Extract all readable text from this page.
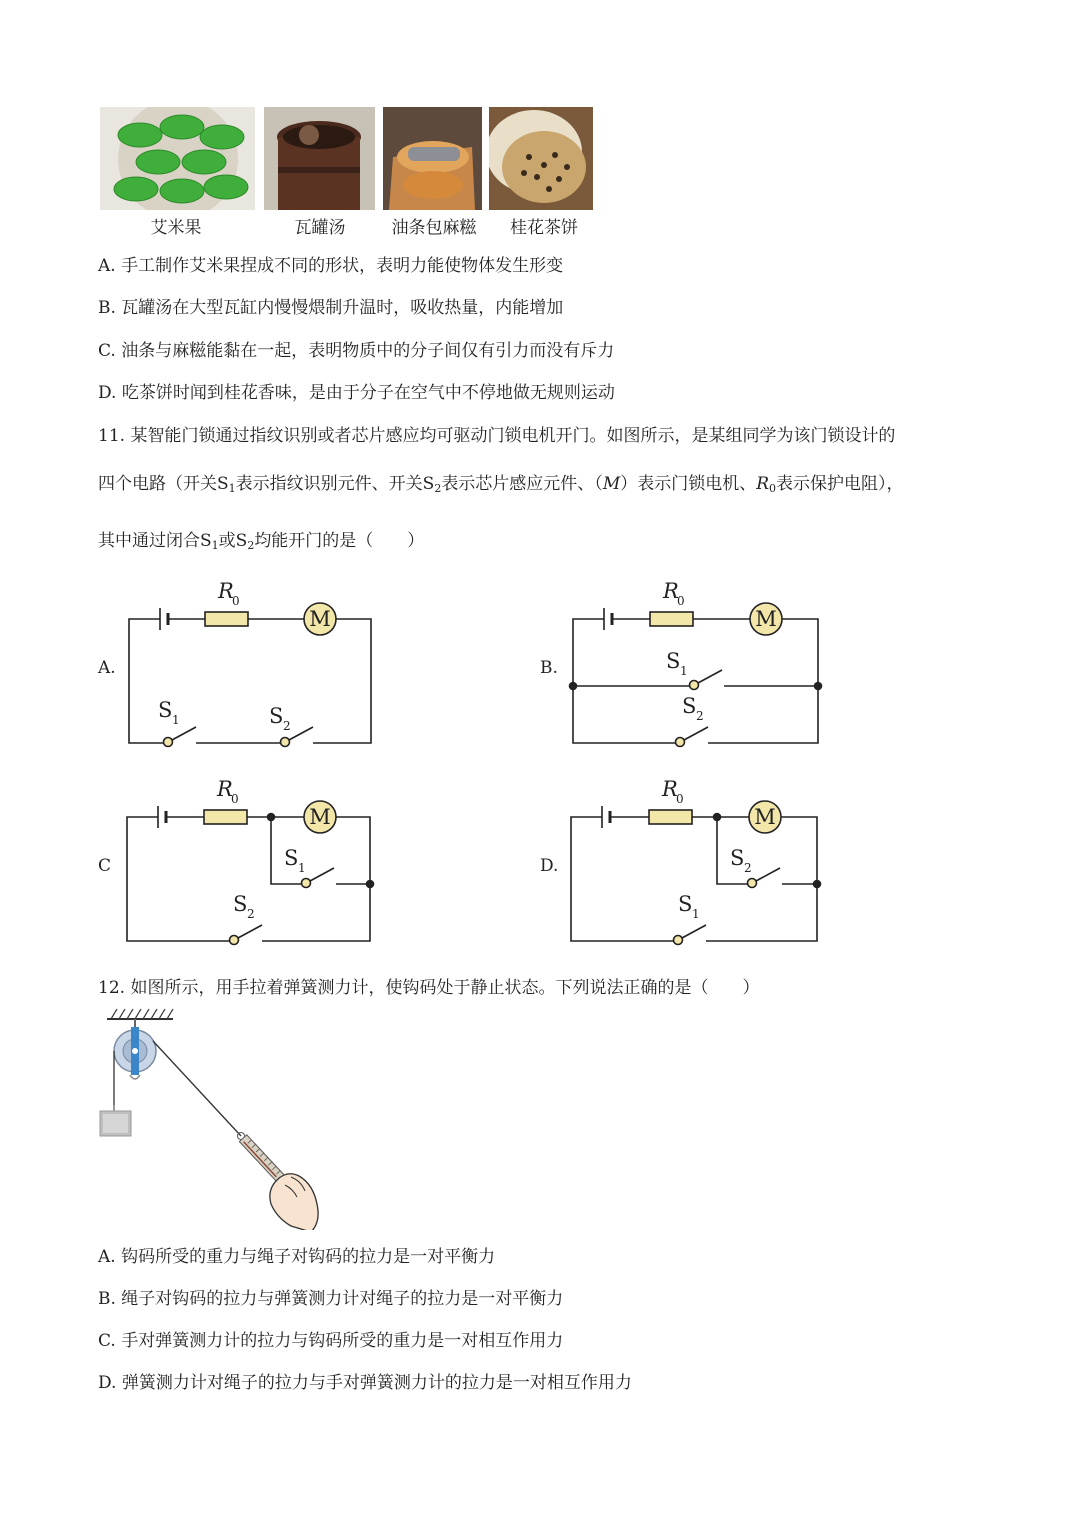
艾米果	瓦罐汤	油条包麻糍	桂花茶饼
A. 手工制作艾米果捏成不同的形状，表明力能使物体发生形变
B. 瓦罐汤在大型瓦缸内慢慢煨制升温时，吸收热量，内能增加
C. 油条与麻糍能黏在一起，表明物质中的分子间仅有引力而没有斥力
D. 吃茶饼时闻到桂花香味，是由于分子在空气中不停地做无规则运动
11. 某智能门锁通过指纹识别或者芯片感应均可驱动门锁电机开门。如图所示，是某组同学为该门锁设计的
四个电路（开关$S_1$表示指纹识别元件、开关$S_2$表示芯片感应元件、（M）表示门锁电机、$R_0$表示保护电阻），
其中通过闭合$S_1$或$S_2$均能开门的是（　　）
A.	B.
C	D.
M	M
M	M
R
0	R
0
R
0	R
0
S 1	S 2
S 1
S 2
S 1
S 2
S 2
S 1
12. 如图所示，用手拉着弹簧测力计，使钩码处于静止状态。下列说法正确的是（　　）
A. 钩码所受的重力与绳子对钩码的拉力是一对平衡力
B. 绳子对钩码的拉力与弹簧测力计对绳子的拉力是一对平衡力
C. 手对弹簧测力计的拉力与钩码所受的重力是一对相互作用力
D. 弹簧测力计对绳子的拉力与手对弹簧测力计的拉力是一对相互作用力
